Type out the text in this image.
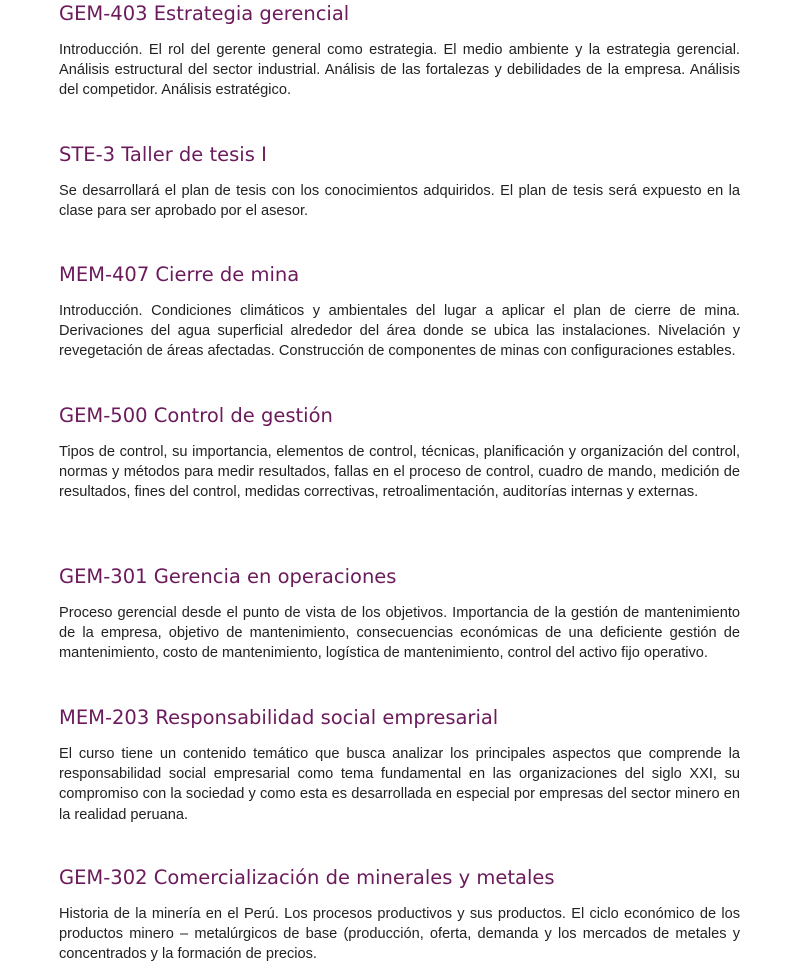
GEM-403 Estrategia gerencial

Introducción. El rol del gerente general como estrategia. El medio ambiente y la estrategia gerencial. Análisis estructural del sector industrial. Análisis de las fortalezas y debilidades de la empresa. Análisis del competidor. Análisis estratégico.

STE-3 Taller de tesis I

Se desarrollará el plan de tesis con los conocimientos adquiridos. El plan de tesis será expuesto en la clase para ser aprobado por el asesor.

MEM-407 Cierre de mina

Introducción. Condiciones climáticos y ambientales del lugar a aplicar el plan de cierre de mina. Derivaciones del agua superficial alrededor del área donde se ubica las instalaciones. Nivelación y revegetación de áreas afectadas. Construcción de componentes de minas con configuraciones estables.

GEM-500 Control de gestión

Tipos de control, su importancia, elementos de control, técnicas, planificación y organización del control, normas y métodos para medir resultados, fallas en el proceso de control, cuadro de mando, medición de resultados, fines del control, medidas correctivas, retroalimentación, auditorías internas y externas.

GEM-301 Gerencia en operaciones

Proceso gerencial desde el punto de vista de los objetivos. Importancia de la gestión de mantenimiento de la empresa, objetivo de mantenimiento, consecuencias económicas de una deficiente gestión de mantenimiento, costo de mantenimiento, logística de mantenimiento, control del activo fijo operativo.

MEM-203 Responsabilidad social empresarial

El curso tiene un contenido temático que busca analizar los principales aspectos que comprende la responsabilidad social empresarial como tema fundamental en las organizaciones del siglo XXI, su compromiso con la sociedad y como esta es desarrollada en especial por empresas del sector minero en la realidad peruana.

GEM-302 Comercialización de minerales y metales

Historia de la minería en el Perú. Los procesos productivos y sus productos. El ciclo económico de los productos minero – metalúrgicos de base (producción, oferta, demanda y los mercados de metales y concentrados y la formación de precios.
